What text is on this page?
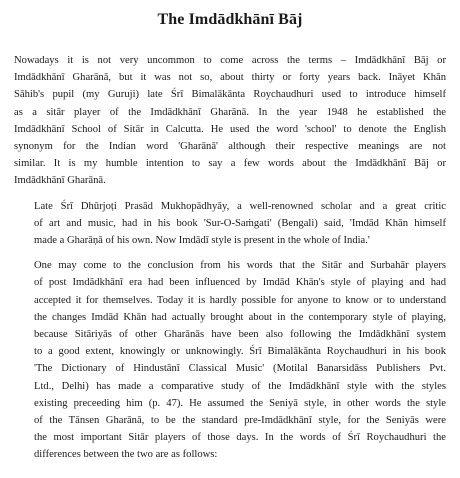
The Imdādkhānī Bāj
Nowadays it is not very uncommon to come across the terms – Imdādkhānī Bāj or
Imdādkhānī Gharānā, but it was not so, about thirty or forty years back. Ināyet Khān
Sāhib's pupil (my Guruji) late Śrī Bimalākānta Roychaudhuri used to introduce himself
as a sitār player of the Imdādkhānī Gharānā. In the year 1948 he established the
Imdādkhānī School of Sitār in Calcutta. He used the word 'school' to denote the English
synonym for the Indian word 'Gharānā' although their respective meanings are not
similar. It is my humble intention to say a few words about the Imdādkhānī Bāj or
Imdādkhānī Gharānā.
Late Śrī Dhūrjoṭi Prasād Mukhopādhyāy, a well-renowned scholar and a great critic
of art and music, had in his book 'Sur-O-Saṁgati' (Bengali) said, 'Imdād Khān himself
made a Gharāṇā of his own. Now Imdādī style is present in the whole of India.'
One may come to the conclusion from his words that the Sitār and Surbahār players
of post Imdādkhānī era had been influenced by Imdād Khān's style of playing and had
accepted it for themselves. Today it is hardly possible for anyone to know or to understand
the changes Imdād Khān had actually brought about in the contemporary style of playing,
because Sitāriyās of other Gharānās have been also following the Imdādkhānī system
to a good extent, knowingly or unknowingly. Śrī Bimalākānta Roychaudhuri in his book
'The Dictionary of Hindustānī Classical Music' (Motilal Banarsidāss Publishers Pvt.
Ltd., Delhi) has made a comparative study of the Imdādkhānī style with the styles
existing preceeding him (p. 47). He assumed the Seniyā style, in other words the style
of the Tānsen Gharānā, to be the standard pre-Imdādkhānī style, for the Seniyās were
the most important Sitār players of those days. In the words of Śrī Roychaudhuri the
differences between the two are as follows:
